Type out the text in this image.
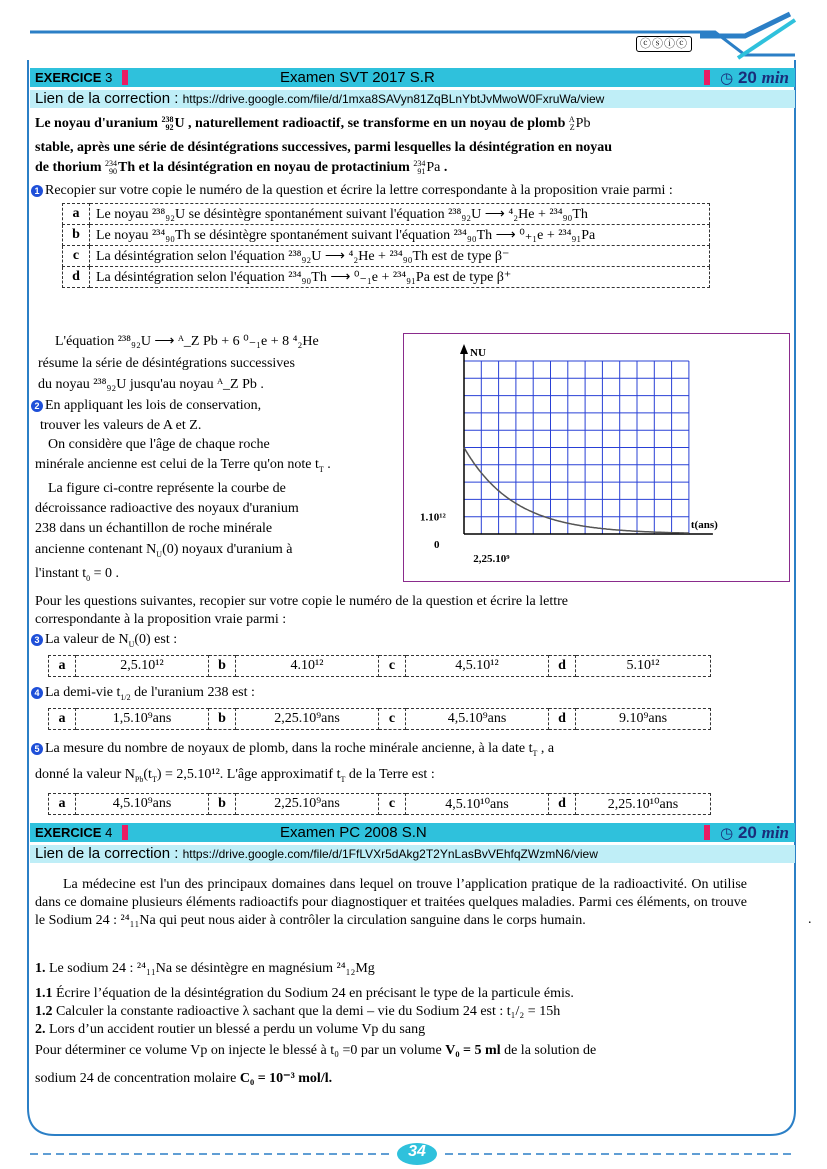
ⓒⓢⓘⓒ
EXERCICE 3	Examen SVT 2017 S.R	◷ 20 min
Lien de la correction : https://drive.google.com/file/d/1mxa8SAVyn81ZqBLnYbtJvMwoW0FxruWa/view
Le noyau d'uranium 238
92 U , naturellement radioactif, se transforme en un noyau de plomb A
Z Pb
stable, après une série de désintégrations successives, parmi lesquelles la désintégration en noyau
de thorium 234
90 Th et la désintégration en noyau de protactinium 234
91 Pa .
1 Recopier sur votre copie le numéro de la question et écrire la lettre correspondante à la proposition vraie parmi :
a	Le noyau ²³⁸₉₂U se désintègre spontanément suivant l'équation ²³⁸₉₂U ⟶ ⁴₂He + ²³⁴₉₀Th
b	Le noyau ²³⁴₉₀Th se désintègre spontanément suivant l'équation ²³⁴₉₀Th ⟶ ⁰₊₁e + ²³⁴₉₁Pa
c	La désintégration selon l'équation ²³⁸₉₂U ⟶ ⁴₂He + ²³⁴₉₀Th est de type β⁻
d	La désintégration selon l'équation ²³⁴₉₀Th ⟶ ⁰₋₁e + ²³⁴₉₁Pa est de type β⁺
L'équation ²³⁸₉₂U ⟶ ᴬ_Z Pb + 6 ⁰₋₁e + 8 ⁴₂He
résume la série de désintégrations successives
du noyau ²³⁸₉₂U jusqu'au noyau ᴬ_Z Pb .
2 En appliquant les lois de conservation,
trouver les valeurs de A et Z.
On considère que l'âge de chaque roche
minérale ancienne est celui de la Terre qu'on note $t_T$ .
La figure ci-contre représente la courbe de
décroissance radioactive des noyaux d'uranium
238 dans un échantillon de roche minérale
ancienne contenant $N_U(0)$ noyaux d'uranium à
l'instant $t_0 = 0$ .
NU
t(ans)
1.10¹²
0
2,25.10⁹
Pour les questions suivantes, recopier sur votre copie le numéro de la question et écrire la lettre
correspondante à la proposition vraie parmi :
3 La valeur de $N_U(0)$ est :
a	2,5.10¹²	b	4.10¹²	c	4,5.10¹²	d	5.10¹²
4 La demi-vie $t_{1/2}$ de l'uranium 238 est :
a	1,5.10⁹ans	b	2,25.10⁹ans	c	4,5.10⁹ans	d	9.10⁹ans
5 La mesure du nombre de noyaux de plomb, dans la roche minérale ancienne, à la date $t_T$ , a
donné la valeur $N_{Pb}(t_T) = 2,5.10^{12}$. L'âge approximatif $t_T$ de la Terre est :
a	4,5.10⁹ans	b	2,25.10⁹ans	c	4,5.10¹⁰ans	d	2,25.10¹⁰ans
EXERCICE 4	Examen PC 2008 S.N	◷ 20 min
Lien de la correction : https://drive.google.com/file/d/1FfLVXr5dAkg2T2YnLasBvVEhfqZWzmN6/view
La médecine est l'un des principaux domaines dans lequel on trouve l’application pratique de la radioactivité. On utilise dans ce domaine plusieurs éléments radioactifs pour diagnostiquer et traitées quelques maladies. Parmi ces éléments, on trouve le Sodium 24 : ²⁴₁₁Na qui peut nous aider à contrôler la circulation sanguine dans le corps humain.	.
1. Le sodium 24 : ²⁴₁₁Na se désintègre en magnésium ²⁴₁₂Mg
1.1 Écrire l’équation de la désintégration du Sodium 24 en précisant le type de la particule émis.
1.2 Calculer la constante radioactive λ sachant que la demi – vie du Sodium 24 est : t₁/₂ = 15h
2. Lors d’un accident routier un blessé a perdu un volume Vp du sang
Pour déterminer ce volume Vp on injecte le blessé à t₀ =0 par un volume V₀ = 5 ml de la solution de
sodium 24 de concentration molaire C₀ = 10⁻³ mol/l.
34
